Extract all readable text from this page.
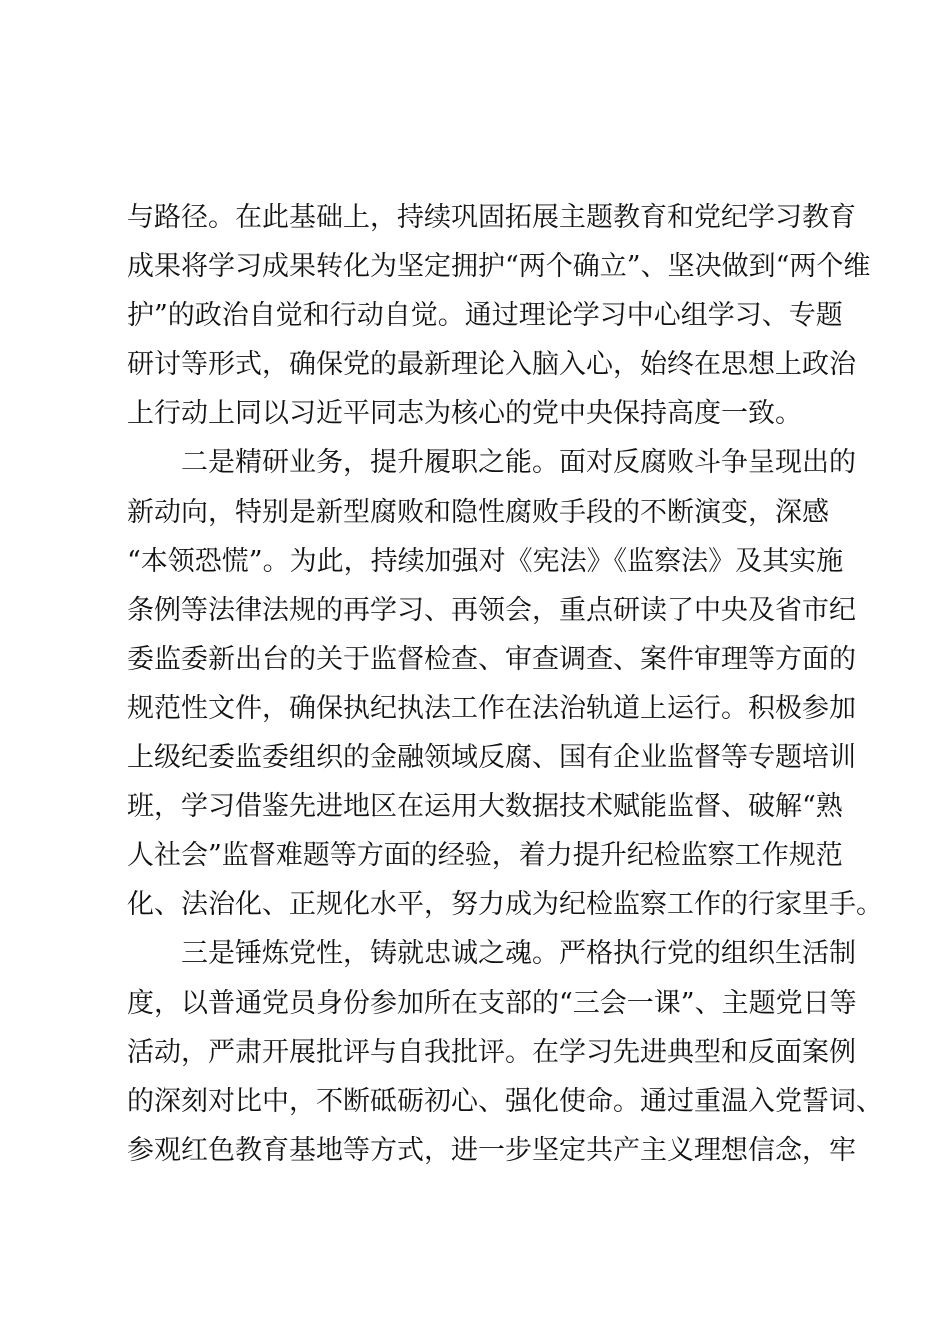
与路径。在此基础上，持续巩固拓展主题教育和党纪学习教育
成果将学习成果转化为坚定拥护“两个确立”、坚决做到“两个维
护”的政治自觉和行动自觉。通过理论学习中心组学习、专题
研讨等形式，确保党的最新理论入脑入心，始终在思想上政治
上行动上同以习近平同志为核心的党中央保持高度一致。
二是精研业务，提升履职之能。面对反腐败斗争呈现出的
新动向，特别是新型腐败和隐性腐败手段的不断演变，深感
“本领恐慌”。为此，持续加强对《宪法》《监察法》及其实施
条例等法律法规的再学习、再领会，重点研读了中央及省市纪
委监委新出台的关于监督检查、审查调查、案件审理等方面的
规范性文件，确保执纪执法工作在法治轨道上运行。积极参加
上级纪委监委组织的金融领域反腐、国有企业监督等专题培训
班，学习借鉴先进地区在运用大数据技术赋能监督、破解“熟
人社会”监督难题等方面的经验，着力提升纪检监察工作规范
化、法治化、正规化水平，努力成为纪检监察工作的行家里手。
三是锤炼党性，铸就忠诚之魂。严格执行党的组织生活制
度，以普通党员身份参加所在支部的“三会一课”、主题党日等
活动，严肃开展批评与自我批评。在学习先进典型和反面案例
的深刻对比中，不断砥砺初心、强化使命。通过重温入党誓词、
参观红色教育基地等方式，进一步坚定共产主义理想信念，牢
